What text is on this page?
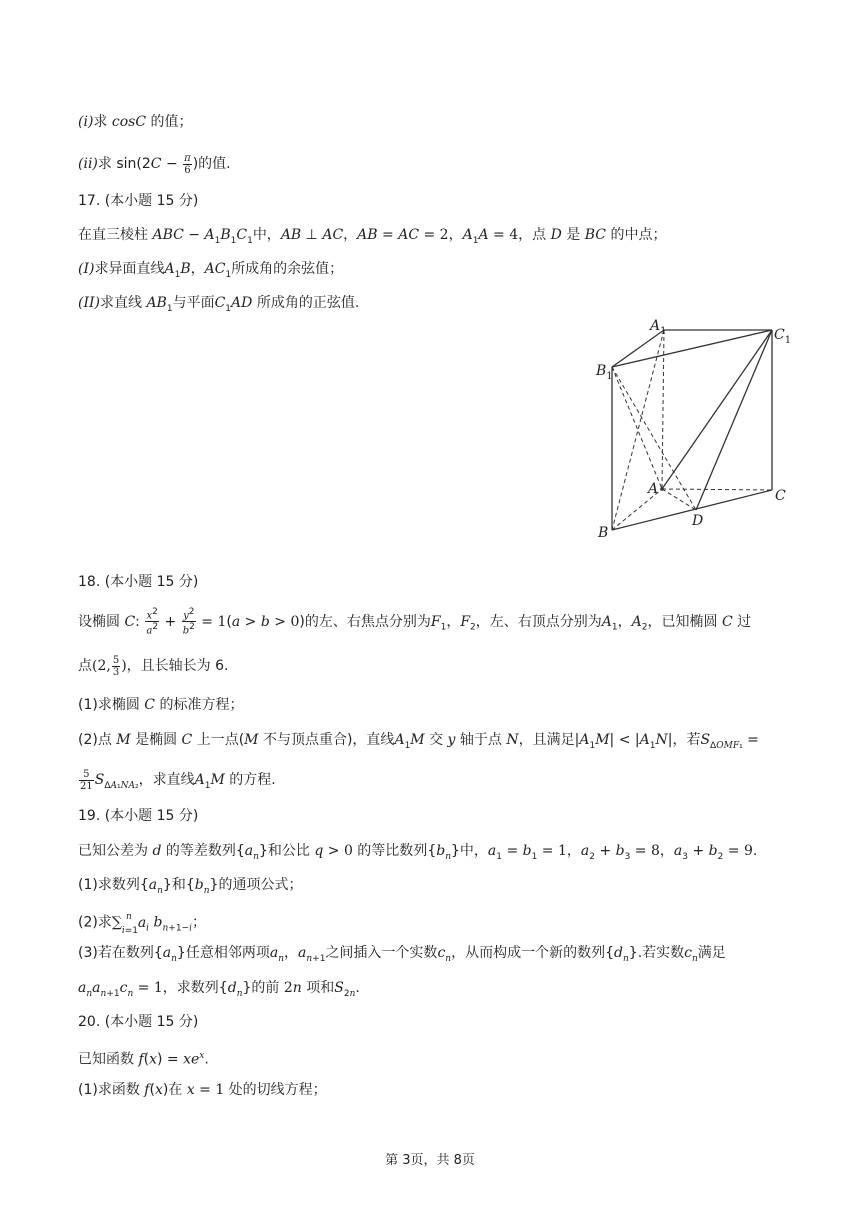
(i)求 cosC 的值；
(ii)求 $\sin(2C - \frac{\pi}{6}$ )的值.
17. (本小题 15 分)
在直三棱柱 ABC − $A_1B_1C_1$中，AB ⊥ AC，AB = AC = 2，$A_1A = 4$，点 D 是 BC 的中点；
(I)求异面直线$A_1B$，$AC_1$所成角的余弦值；
(II)求直线 $AB_1$与平面$C_1AD$ 所成角的正弦值.
$A_1$	$C_1$
$B_1$
A	C
B
D
18. (本小题 15 分)
设椭圆 C: $\frac{x^2}{a^2} + \frac{y^2}{b^2} = 1(a > b > 0)$的左、右焦点分别为$F_1$，$F_2$，左、右顶点分别为$A_1$，$A_2$，已知椭圆 C 过
点(2, $\frac{5}{3}$ )，且长轴长为 6.
(1)求椭圆 C 的标准方程；
(2)点 M 是椭圆 C 上一点(M 不与顶点重合)，直线$A_1M$ 交 y 轴于点 N，且满足$|A_1M| < |A_1N|$，若$S_{\Delta OMF_1}$ =
$\frac{5}{21} S_{\Delta A_1NA_2}$，求直线$A_1M$ 的方程.
19. (本小题 15 分)
已知公差为 d 的等差数列$\{a_n\}$和公比 q > 0 的等比数列$\{b_n\}$中，$a_1 = b_1 = 1$，$a_2 + b_3 = 8$，$a_3 + b_2 = 9$.
(1)求数列$\{a_n\}$和$\{b_n\}$的通项公式；
(2)求$\sum_{i=1}^n$ $a_i$ $b_{n+1-i}$；
(3)若在数列$\{a_n\}$任意相邻两项$a_n$，$a_{n+1}$之间插入一个实数$c_n$，从而构成一个新的数列$\{d_n\}$.若实数$c_n$满足
$a_na_{n+1}c_n = 1$，求数列$\{d_n\}$的前 2n 项和$S_{2n}$.
20. (本小题 15 分)
已知函数 $f(x) = xe^x$.
(1)求函数 f(x)在 x = 1 处的切线方程；
第 3页，共 8页
